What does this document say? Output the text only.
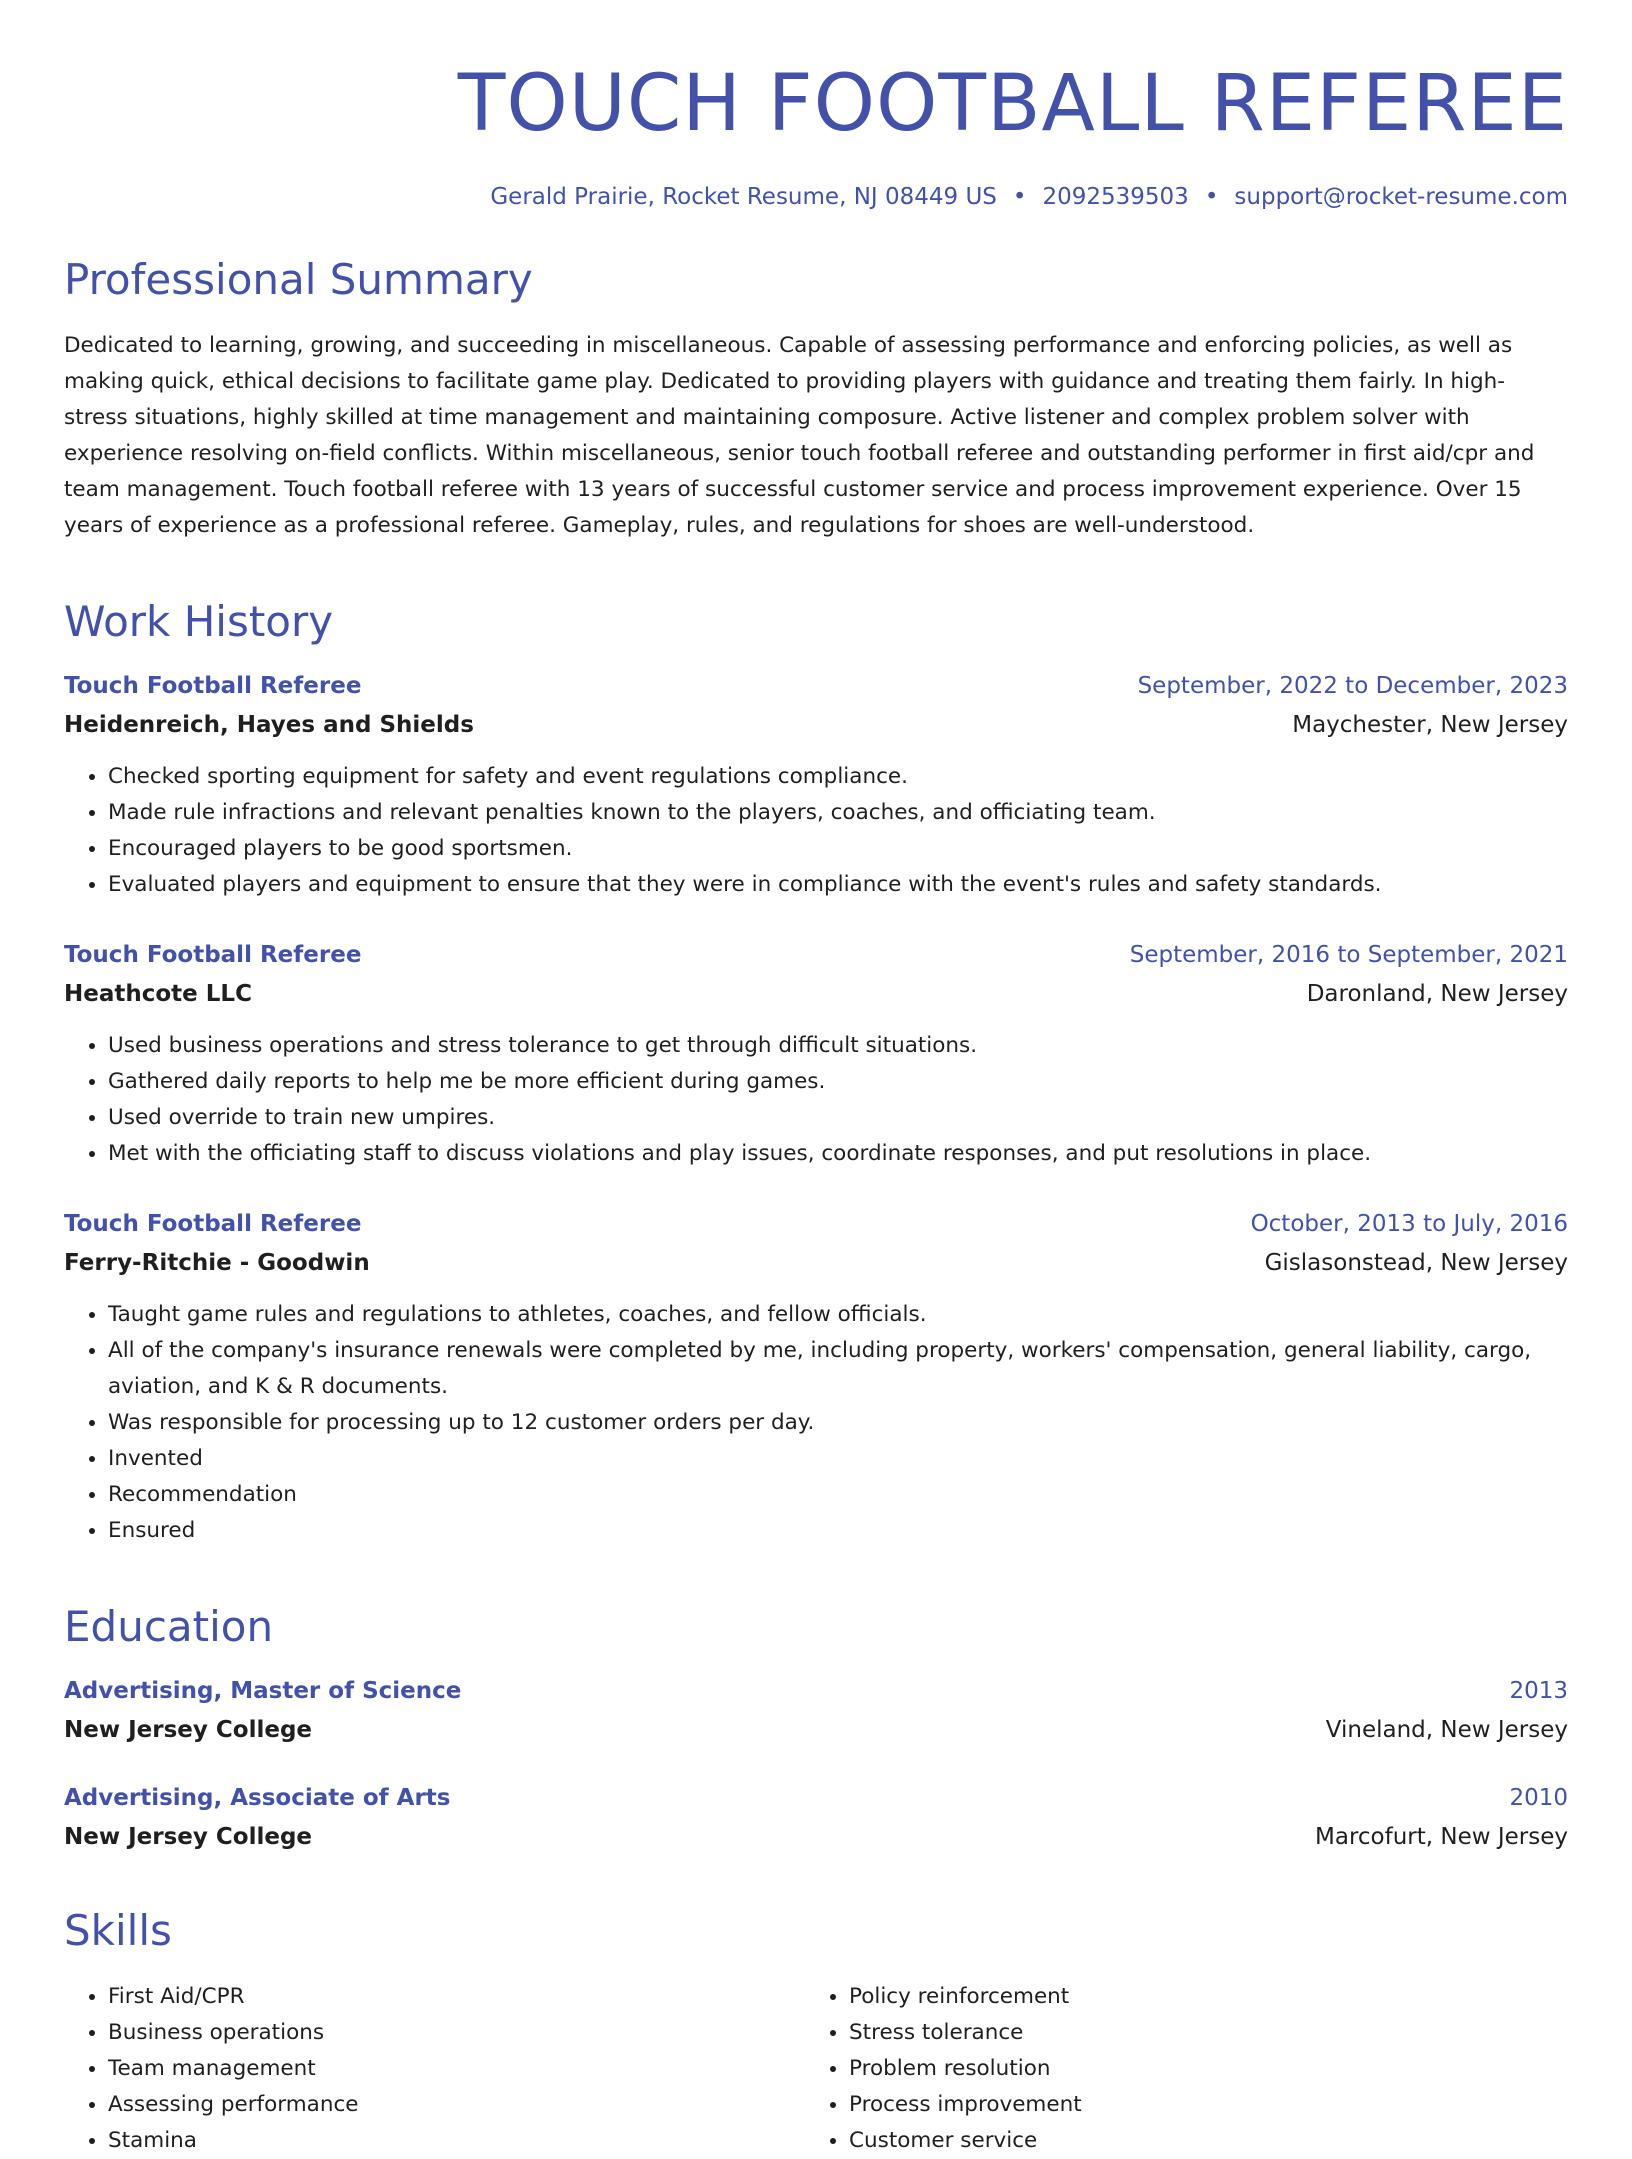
TOUCH FOOTBALL REFEREE
Gerald Prairie, Rocket Resume, NJ 08449 US • 2092539503 • support@rocket-resume.com
Professional Summary

Dedicated to learning, growing, and succeeding in miscellaneous. Capable of assessing performance and enforcing policies, as well as making quick, ethical decisions to facilitate game play. Dedicated to providing players with guidance and treating them fairly. In high-stress situations, highly skilled at time management and maintaining composure. Active listener and complex problem solver with experience resolving on-field conflicts. Within miscellaneous, senior touch football referee and outstanding performer in first aid/cpr and team management. Touch football referee with 13 years of successful customer service and process improvement experience. Over 15 years of experience as a professional referee. Gameplay, rules, and regulations for shoes are well-understood.

Work History
Touch Football Referee	September, 2022 to December, 2023
Heidenreich, Hayes and Shields	Maychester, New Jersey
• Checked sporting equipment for safety and event regulations compliance.
• Made rule infractions and relevant penalties known to the players, coaches, and officiating team.
• Encouraged players to be good sportsmen.
• Evaluated players and equipment to ensure that they were in compliance with the event's rules and safety standards.
Touch Football Referee	September, 2016 to September, 2021
Heathcote LLC	Daronland, New Jersey
• Used business operations and stress tolerance to get through difficult situations.
• Gathered daily reports to help me be more efficient during games.
• Used override to train new umpires.
• Met with the officiating staff to discuss violations and play issues, coordinate responses, and put resolutions in place.
Touch Football Referee	October, 2013 to July, 2016
Ferry-Ritchie - Goodwin	Gislasonstead, New Jersey
• Taught game rules and regulations to athletes, coaches, and fellow officials.
• All of the company's insurance renewals were completed by me, including property, workers' compensation, general liability, cargo, aviation, and K & R documents.
• Was responsible for processing up to 12 customer orders per day.
• Invented
• Recommendation
• Ensured
Education
Advertising, Master of Science	2013
New Jersey College	Vineland, New Jersey
Advertising, Associate of Arts	2010
New Jersey College	Marcofurt, New Jersey
Skills
• First Aid/CPR
• Business operations
• Team management
• Assessing performance
• Stamina
• Policy reinforcement
• Stress tolerance
• Problem resolution
• Process improvement
• Customer service
